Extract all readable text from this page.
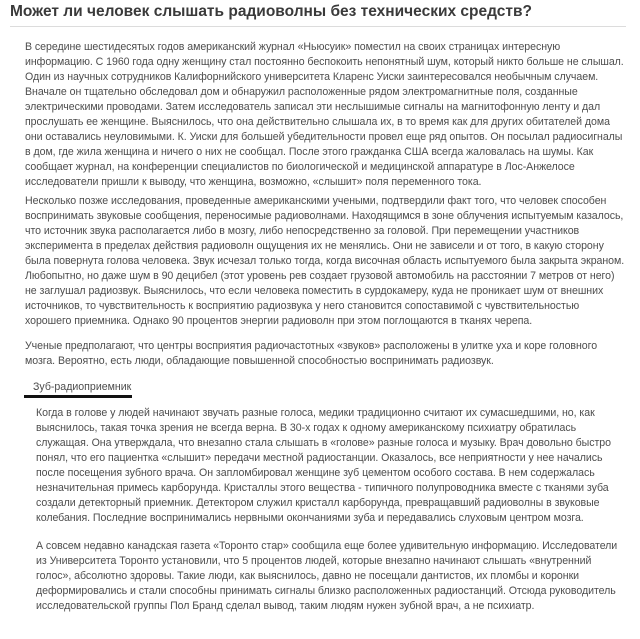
Может ли человек слышать радиоволны без технических средств?

В середине шестидесятых годов американский журнал «Ньюсуик» поместил на своих страницах интересную информацию. С 1960 года одну женщину стал постоянно беспокоить непонятный шум, который никто больше не слышал. Один из научных сотрудников Калифорнийского университета Кларенс Уиски заинтересовался необычным случаем. Вначале он тщательно обследовал дом и обнаружил расположенные рядом электромагнитные поля, созданные электрическими проводами. Затем исследователь записал эти неслышимые сигналы на магнитофонную ленту и дал прослушать ее женщине. Выяснилось, что она действительно слышала их, в то время как для других обитателей дома они оставались неуловимыми. К. Уиски для большей убедительности провел еще ряд опытов. Он посылал радиосигналы в дом, где жила женщина и ничего о них не сообщал. После этого гражданка США всегда жаловалась на шумы. Как сообщает журнал, на конференции специалистов по биологической и медицинской аппаратуре в Лос-Анжелосе исследователи пришли к выводу, что женщина, возможно, «слышит» поля переменного тока.

Несколько позже исследования, проведенные американскими учеными, подтвердили факт того, что человек способен воспринимать звуковые сообщения, переносимые радиоволнами. Находящимся в зоне облучения испытуемым казалось, что источник звука располагается либо в мозгу, либо непосредственно за головой. При перемещении участников эксперимента в пределах действия радиоволн ощущения их не менялись. Они не зависели и от того, в какую сторону была повернута голова человека. Звук исчезал только тогда, когда височная область испытуемого была закрыта экраном.
Любопытно, но даже шум в 90 децибел (этот уровень рев создает грузовой автомобиль на расстоянии 7 метров от него) не заглушал радиозвук. Выяснилось, что если человека поместить в сурдокамеру, куда не проникает шум от внешних источников, то чувствительность к восприятию радиозвука у него становится сопоставимой с чувствительностью хорошего приемника. Однако 90 процентов энергии радиоволн при этом поглощаются в тканях черепа.

Ученые предполагают, что центры восприятия радиочастотных «звуков» расположены в улитке уха и коре головного мозга. Вероятно, есть люди, обладающие повышенной способностью воспринимать радиозвук.

Зуб-радиоприемник

Когда в голове у людей начинают звучать разные голоса, медики традиционно считают их сумасшедшими, но, как выяснилось, такая точка зрения не всегда верна. В 30-х годах к одному американскому психиатру обратилась служащая. Она утверждала, что внезапно стала слышать в «голове» разные голоса и музыку. Врач довольно быстро понял, что его пациентка «слышит» передачи местной радиостанции. Оказалось, все неприятности у нее начались после посещения зубного врача. Он запломбировал женщине зуб цементом особого состава. В нем содержалась незначительная примесь карборунда. Кристаллы этого вещества - типичного полупроводника вместе с тканями зуба создали детекторный приемник. Детектором служил кристалл карборунда, превращавший радиоволны в звуковые колебания. Последние воспринимались нервными окончаниями зуба и передавались слуховым центром мозга.

А совсем недавно канадская газета «Торонто стар» сообщила еще более удивительную информацию. Исследователи из Университета Торонто установили, что 5 процентов людей, которые внезапно начинают слышать «внутренний голос», абсолютно здоровы. Такие люди, как выяснилось, давно не посещали дантистов, их пломбы и коронки деформировались и стали способны принимать сигналы близко расположенных радиостанций. Отсюда руководитель исследовательской группы Пол Бранд сделал вывод, таким людям нужен зубной врач, а не психиатр.
